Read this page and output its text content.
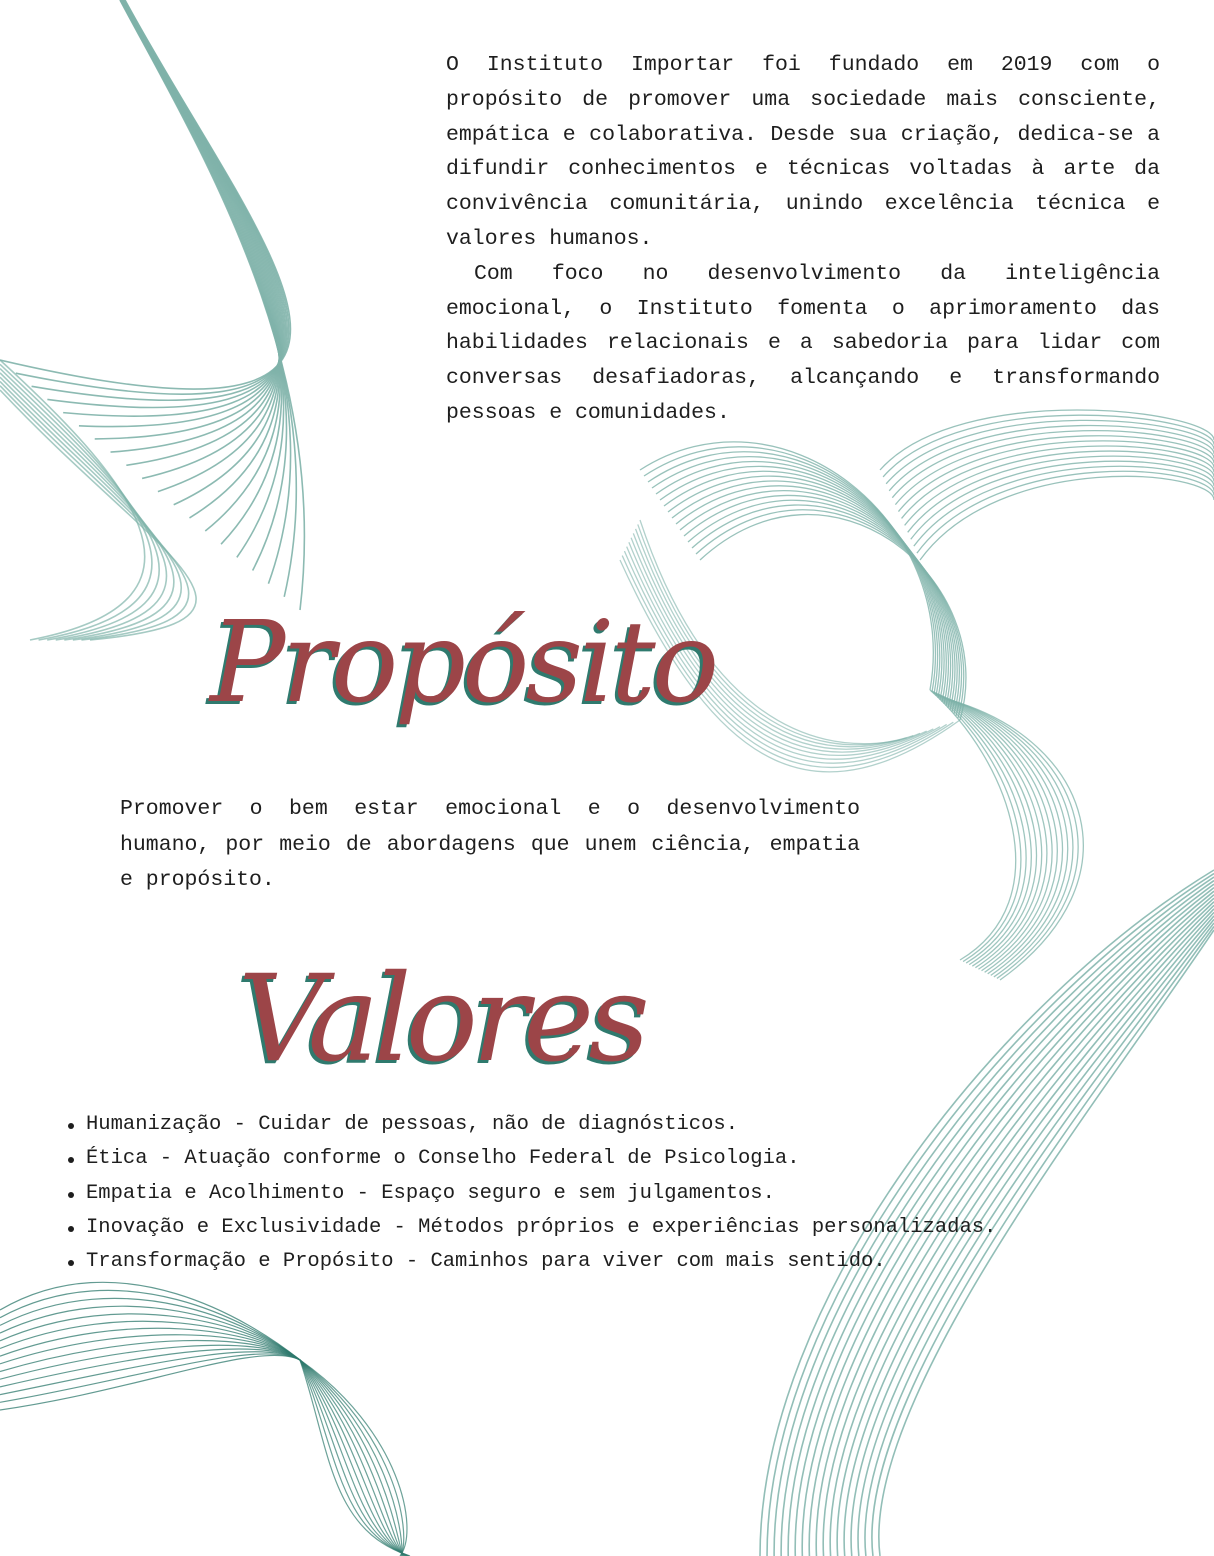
O Instituto Importar foi fundado em 2019 com o propósito de promover uma sociedade mais consciente, empática e colaborativa. Desde sua criação, dedica-se a difundir conhecimentos e técnicas voltadas à arte da convivência comunitária, unindo excelência técnica e valores humanos.

Com foco no desenvolvimento da inteligência emocional, o Instituto fomenta o aprimoramento das habilidades relacionais e a sabedoria para lidar com conversas desafiadoras, alcançando e transformando pessoas e comunidades.

Propósito

Promover o bem estar emocional e o desenvolvimento humano, por meio de abordagens que unem ciência, empatia e propósito.

Valores
Humanização - Cuidar de pessoas, não de diagnósticos.
Ética - Atuação conforme o Conselho Federal de Psicologia.
Empatia e Acolhimento - Espaço seguro e sem julgamentos.
Inovação e Exclusividade - Métodos próprios e experiências personalizadas.
Transformação e Propósito - Caminhos para viver com mais sentido.
